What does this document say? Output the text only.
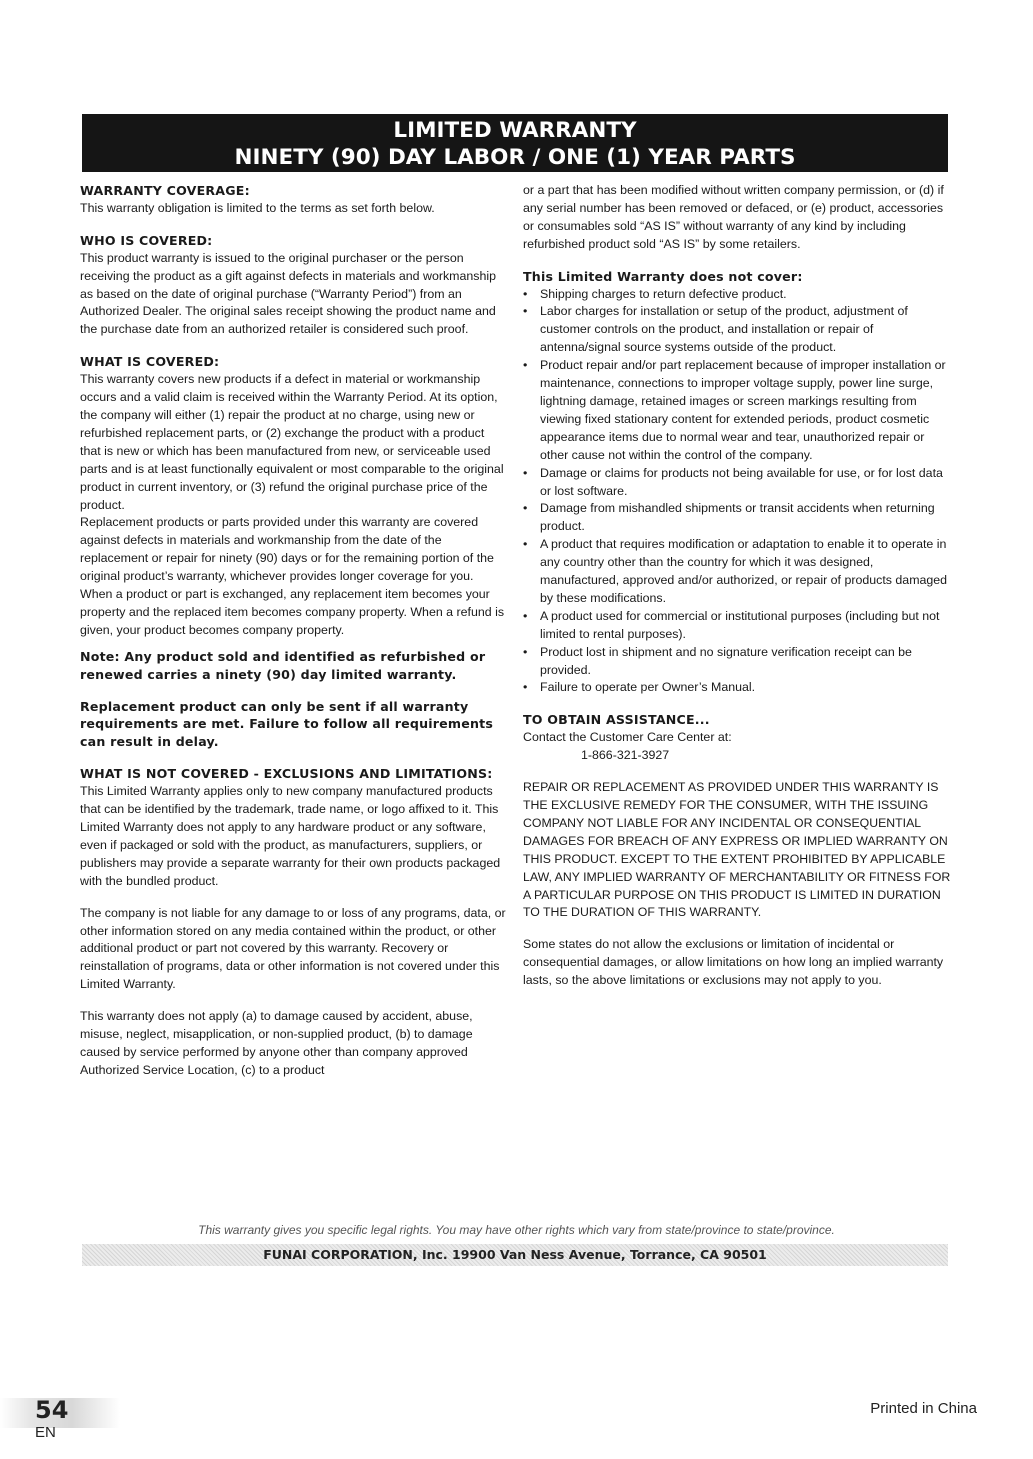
LIMITED WARRANTY
NINETY (90) DAY LABOR / ONE (1) YEAR PARTS
WARRANTY COVERAGE:

This warranty obligation is limited to the terms as set forth below.

WHO IS COVERED:

This product warranty is issued to the original purchaser or the person receiving the product as a gift against defects in materials and workmanship as based on the date of original purchase (“Warranty Period”) from an Authorized Dealer. The original sales receipt showing the product name and the purchase date from an authorized retailer is considered such proof.

WHAT IS COVERED:

This warranty covers new products if a defect in material or workmanship occurs and a valid claim is received within the Warranty Period. At its option, the company will either (1) repair the product at no charge, using new or refurbished replacement parts, or (2) exchange the product with a product that is new or which has been manufactured from new, or serviceable used parts and is at least functionally equivalent or most comparable to the original product in current inventory, or (3) refund the original purchase price of the product.

Replacement products or parts provided under this warranty are covered against defects in materials and workmanship from the date of the replacement or repair for ninety (90) days or for the remaining portion of the original product’s warranty, whichever provides longer coverage for you. When a product or part is exchanged, any replacement item becomes your property and the replaced item becomes company property. When a refund is given, your product becomes company property.

Note: Any product sold and identified as refurbished or renewed carries a ninety (90) day limited warranty.
Replacement product can only be sent if all warranty requirements are met. Failure to follow all requirements can result in delay.
WHAT IS NOT COVERED - EXCLUSIONS AND LIMITATIONS:

This Limited Warranty applies only to new company manufactured products that can be identified by the trademark, trade name, or logo affixed to it. This Limited Warranty does not apply to any hardware product or any software, even if packaged or sold with the product, as manufacturers, suppliers, or publishers may provide a separate warranty for their own products packaged with the bundled product.

The company is not liable for any damage to or loss of any programs, data, or other information stored on any media contained within the product, or other additional product or part not covered by this warranty. Recovery or reinstallation of programs, data or other information is not covered under this Limited Warranty.

This warranty does not apply (a) to damage caused by accident, abuse, misuse, neglect, misapplication, or non-supplied product, (b) to damage caused by service performed by anyone other than company approved Authorized Service Location, (c) to a product

or a part that has been modified without written company permission, or (d) if any serial number has been removed or defaced, or (e) product, accessories or consumables sold “AS IS” without warranty of any kind by including refurbished product sold “AS IS” by some retailers.

This Limited Warranty does not cover:
• Shipping charges to return defective product.
• Labor charges for installation or setup of the product, adjustment of customer controls on the product, and installation or repair of antenna/signal source systems outside of the product.
• Product repair and/or part replacement because of improper installation or maintenance, connections to improper voltage supply, power line surge, lightning damage, retained images or screen markings resulting from viewing fixed stationary content for extended periods, product cosmetic appearance items due to normal wear and tear, unauthorized repair or other cause not within the control of the company.
• Damage or claims for products not being available for use, or for lost data or lost software.
• Damage from mishandled shipments or transit accidents when returning product.
• A product that requires modification or adaptation to enable it to operate in any country other than the country for which it was designed, manufactured, approved and/or authorized, or repair of products damaged by these modifications.
• A product used for commercial or institutional purposes (including but not limited to rental purposes).
• Product lost in shipment and no signature verification receipt can be provided.
• Failure to operate per Owner’s Manual.
TO OBTAIN ASSISTANCE...

Contact the Customer Care Center at:

1-866-321-3927

REPAIR OR REPLACEMENT AS PROVIDED UNDER THIS WARRANTY IS THE EXCLUSIVE REMEDY FOR THE CONSUMER, WITH THE ISSUING COMPANY NOT LIABLE FOR ANY INCIDENTAL OR CONSEQUENTIAL DAMAGES FOR BREACH OF ANY EXPRESS OR IMPLIED WARRANTY ON THIS PRODUCT. EXCEPT TO THE EXTENT PROHIBITED BY APPLICABLE LAW, ANY IMPLIED WARRANTY OF MERCHANTABILITY OR FITNESS FOR A PARTICULAR PURPOSE ON THIS PRODUCT IS LIMITED IN DURATION TO THE DURATION OF THIS WARRANTY.

Some states do not allow the exclusions or limitation of incidental or consequential damages, or allow limitations on how long an implied warranty lasts, so the above limitations or exclusions may not apply to you.

This warranty gives you specific legal rights. You may have other rights which vary from state/province to state/province.
FUNAI CORPORATION, Inc. 19900 Van Ness Avenue, Torrance, CA 90501
54
EN
Printed in China
